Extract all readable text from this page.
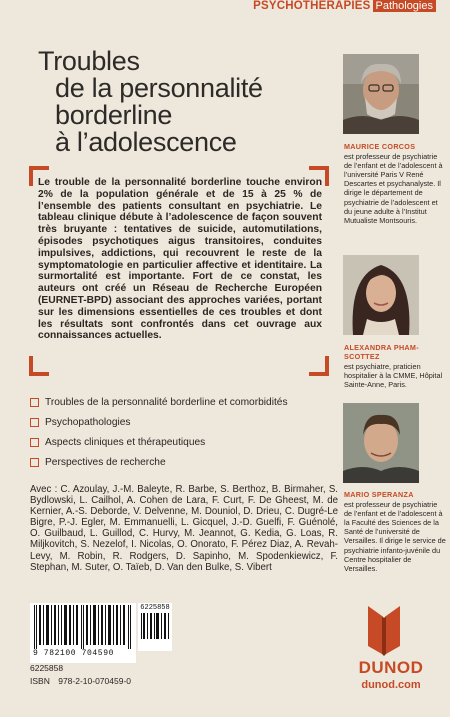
PSYCHOTHÉRAPIES Pathologies
Troubles
de la personnalité
borderline
à l’adolescence

Le trouble de la personnalité borderline touche environ 2% de la population générale et de 15 à 25 % de l’ensemble des patients consultant en psychiatrie. Le tableau clinique débute à l’adolescence de façon souvent très bruyante : tentatives de suicide, automutilations, épisodes psychotiques aigus transitoires, conduites impulsives, addictions, qui recouvrent le reste de la symptomatologie en particulier affective et identitaire. La surmortalité est importante. Fort de ce constat, les auteurs ont créé un Réseau de Recherche Européen (EURNET-BPD) associant des approches variées, portant sur les dimensions essentielles de ces troubles et dont les résultats sont confrontés dans cet ouvrage aux connaissances actuelles.

Troubles de la personnalité borderline et comorbidités
Psychopathologies
Aspects cliniques et thérapeutiques
Perspectives de recherche

Avec : C. Azoulay, J.-M. Baleyte, R. Barbe, S. Berthoz, B. Birmaher, S. Bydlowski, L. Cailhol, A. Cohen de Lara, F. Curt, F. De Gheest, M. de Kernier, A.-S. Deborde, V. Delvenne, M. Douniol, D. Drieu, C. Dugré-Le Bigre, P.-J. Egler, M. Emmanuelli, L. Gicquel, J.-D. Guelfi, F. Guénolé, O. Guilbaud, L. Guillod, C. Hurvy, M. Jeannot, G. Kedia, G. Loas, R. Miljkovitch, S. Nezelof, I. Nicolas, O. Onorato, F. Pérez Diaz, A. Revah-Levy, M. Robin, R. Rodgers, D. Sapinho, M. Spodenkiewicz, F. Stephan, M. Suter, O. Taïeb, D. Van den Bulke, S. Vibert

MAURICE CORCOS
est professeur de psychiatrie de l’enfant et de l’adolescent à l’université Paris V René Descartes et psychanalyste. Il dirige le département de psychiatrie de l’adolescent et du jeune adulte à l’Institut Mutualiste Montsouris.
ALEXANDRA PHAM-SCOTTEZ
est psychiatre, praticien hospitalier à la CMME, Hôpital Sainte-Anne, Paris.
MARIO SPERANZA
est professeur de psychiatrie de l’enfant et de l’adolescent à la Faculté des Sciences de la Santé de l’université de Versailles. Il dirige le service de psychiatrie infanto-juvénile du Centre hospitalier de Versailles.
9 782100 704590
6225858
6225858
ISBN 978-2-10-070459-0
DUNOD
dunod.com
